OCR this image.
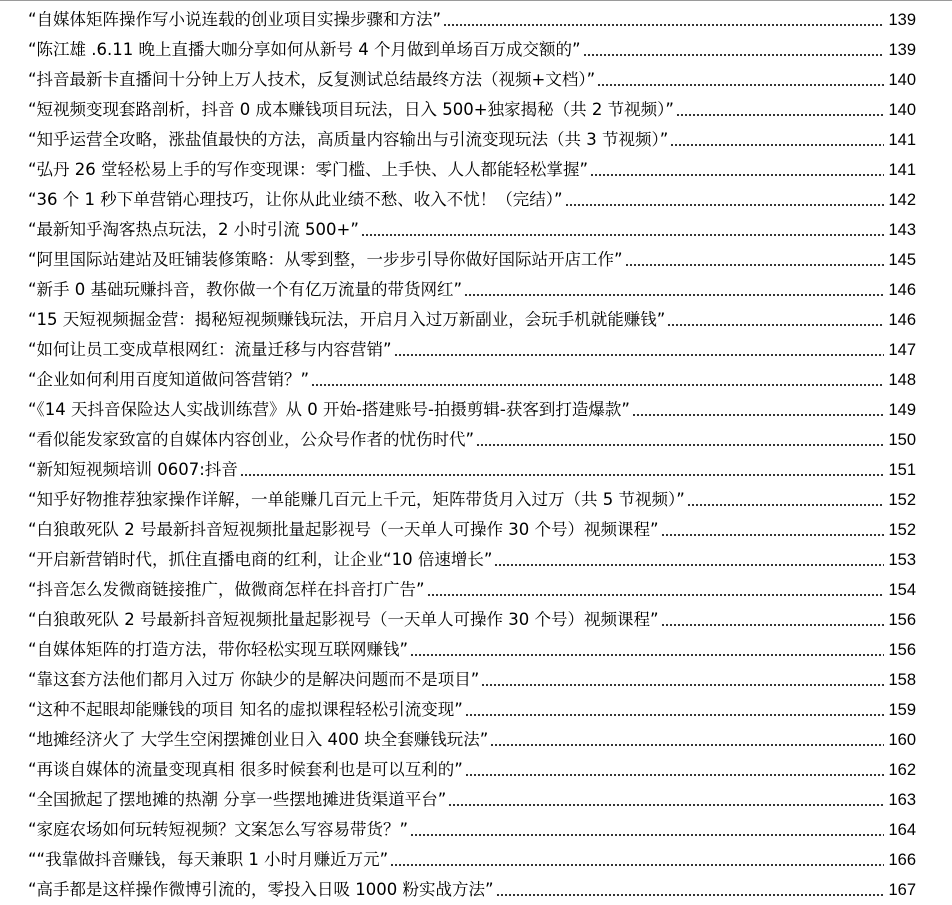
“自媒体矩阵操作写小说连载的创业项目实操步骤和方法”	139
“陈江雄 .6.11 晚上直播大咖分享如何从新号 4 个月做到单场百万成交额的”	139
“抖音最新卡直播间十分钟上万人技术，反复测试总结最终方法（视频+文档）”	140
“短视频变现套路剖析，抖音 0 成本赚钱项目玩法，日入 500+独家揭秘（共 2 节视频）”	140
“知乎运营全攻略，涨盐值最快的方法，高质量内容输出与引流变现玩法（共 3 节视频）”	141
“弘丹 26 堂轻松易上手的写作变现课：零门槛、上手快、人人都能轻松掌握”	141
“36 个 1 秒下单营销心理技巧，让你从此业绩不愁、收入不忧！（完结）”	142
“最新知乎淘客热点玩法，2 小时引流 500+”	143
“阿里国际站建站及旺铺装修策略：从零到整，一步步引导你做好国际站开店工作”	145
“新手 0 基础玩赚抖音，教你做一个有亿万流量的带货网红”	146
“15 天短视频掘金营：揭秘短视频赚钱玩法，开启月入过万新副业，会玩手机就能赚钱”	146
“如何让员工变成草根网红：流量迁移与内容营销”	147
“企业如何利用百度知道做问答营销？”	148
“《14 天抖音保险达人实战训练营》从 0 开始-搭建账号-拍摄剪辑-获客到打造爆款”	149
“看似能发家致富的自媒体内容创业，公众号作者的忧伤时代”	150
“新知短视频培训 0607:抖音	151
“知乎好物推荐独家操作详解，一单能赚几百元上千元，矩阵带货月入过万（共 5 节视频）”	152
“白狼敢死队 2 号最新抖音短视频批量起影视号（一天单人可操作 30 个号）视频课程”	152
“开启新营销时代，抓住直播电商的红利，让企业“10 倍速增长”	153
“抖音怎么发微商链接推广，做微商怎样在抖音打广告”	154
“白狼敢死队 2 号最新抖音短视频批量起影视号（一天单人可操作 30 个号）视频课程”	156
“自媒体矩阵的打造方法，带你轻松实现互联网赚钱”	156
“靠这套方法他们都月入过万 你缺少的是解决问题而不是项目”	158
“这种不起眼却能赚钱的项目 知名的虚拟课程轻松引流变现”	159
“地摊经济火了 大学生空闲摆摊创业日入 400 块全套赚钱玩法”	160
“再谈自媒体的流量变现真相 很多时候套利也是可以互利的”	162
“全国掀起了摆地摊的热潮 分享一些摆地摊进货渠道平台”	163
“家庭农场如何玩转短视频？文案怎么写容易带货？”	164
““我靠做抖音赚钱，每天兼职 1 小时月赚近万元”	166
“高手都是这样操作微博引流的，零投入日吸 1000 粉实战方法”	167
